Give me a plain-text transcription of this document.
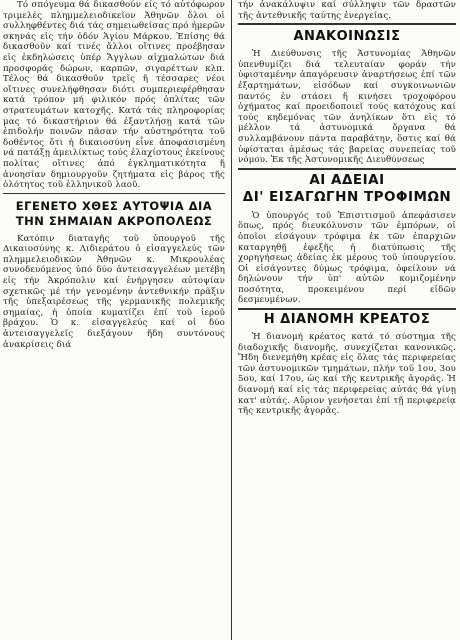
Τό σπόγευμα θά δικασθούν είς τό αὐτόφωρον τριμελές πλημμελειοδικεῖον Ἀθηνῶν ὅλοι οἱ συλληφθέντες διά τάς σημειωθείσας πρό ἡμερῶν σκηνάς εἰς τήν ὁδόν Ἁγίου Μάρκου. Ἐπίσης θά δικασθοῦν καί τινές ἄλλοι οἵτινες προέβησαν εἰς ἐκδηλώσεις ὑπέρ Ἄγγλων αἰχμαλώτων διά προσφοράς δώρων, καρπῶν, σιγαρέττων κλπ. Τέλος θά δικασθοῦν τρεῖς ἤ τέσσαρες νέοι οἵτινες συνελήφθησαν διότι συμπεριεφέρθησαν κατά τρόπον μή φιλικόν πρός ὁπλίτας τῶν στρατευμάτων κατοχῆς. Κατά τάς πληροφορίας μας τό δικαστήριον θά ἐξαντλήσῃ κατά τῶν ἐπιδολήν ποινῶν πᾶσαν τήν αὐστηρότητα τοῦ δοθέντος ὅτι ἡ δικαιοσύνη εἶνε ἀποφασισμένη νά πατάξῃ ἀμειλίκτως τούς ἐλαχίστους ἐκείνους πολίτας οἵτινες ἀπό ἐγκληματικότητα ἤ ἀνοησίαν δημιουργοῦν ζητήματα εἰς βάρος τῆς ὁλότητος τοῦ ἑλληνικοῦ λαοῦ.

ΕΓΕΝΕΤΟ ΧΘΕΣ ΑΥΤΟΨΙΑ ΔΙΑ ΤΗΝ ΣΗΜΑΙΑΝ ΑΚΡΟΠΟΛΕΩΣ

Κατόπιν διαταγῆς τοῦ ὑπουργοῦ τῆς Δικαιοσύνης κ. Λιδιεράτου ὁ εἰσαγγελεύς τῶν πλημμελειοδικῶν Ἀθηνῶν κ. Μικρουλέας συνοδευόμενος ὑπό δύο ἀντεισαγγελέων μετέβη εἰς τήν Ἀκρόπολιν καί ἐνήργησεν αὐτοψίαν σχετικῶς μέ τήν γενομένην ἀντεθνικήν πρᾶξιν τῆς ὑπεξαιρέσεως τῆς γερμανικῆς πολεμικῆς σημαίας, ἡ ὁποία κυματίζει ἐπί τοῦ ἱεροῦ βράχου. Ὁ κ. εἰσαγγελεύς καί οἱ δύο ἀντεισαγγελεῖς διεξάγουν ἤδη συντόνους ἀνακρίσεις διά

τήν ἀνακάλυψιν καί σύλληψιν τῶν δραστῶν τῆς ἀντεθνικῆς ταύτης ἐνεργείας.

ΑΝΑΚΟΙΝΩΣΙΣ

Ἡ Διεύθυνσις τῆς Ἀστυνομίας Ἀθηνῶν ὑπενθυμίζει διά τελευταίαν φοράν τήν ὑφισταμένην ἀπαγόρευσιν ἀναρτήσεως ἐπί τῶν ἐξαρτημάτων, εἰσόδων καί συγκοινωνιῶν παντός ἐν στάσει ἤ κινήσει τροχοφόρου ὀχήματος καί προειδοποιεῖ τούς κατόχους καί τούς κηδεμόνας τῶν ἀνηλίκων ὅτι εἰς τό μέλλον τά ἀστυνομικά ὄργανα θά συλλαμβάνουν πάντα παραβάτην, ὅστις καί θά ὑφίσταται ἀμέσως τάς βαρείας συνεπείας τοῦ νόμου. Ἐκ τῆς Ἀστυνομικῆς Διευθύνσεως

ΑΙ ΑΔΕΙΑΙ
ΔΙ' ΕΙΣΑΓΩΓΗΝ ΤΡΟΦΙΜΩΝ

Ὁ ὑπουργός τοῦ Ἐπισιτισμοῦ ἀπεφάσισεν ὅπως, πρός διευκόλυνσιν τῶν ἐμπόρων, οἱ ὁποῖοι εἰσάγουν τρόφιμα ἐκ τῶν ἐπαρχιῶν καταργηθῇ ἐφεξῆς ἡ διατύπωσις τῆς χορηγήσεως ἀδείας ἐκ μέρους τοῦ ὑπουργείου. Οἱ εἰσάγοντες δύμως τρόφιμα, ὀφείλουν νά δηλώνουν τήν ὑπ' αὐτῶν κομιζομένην ποσότητα, προκειμένου περί εἰδῶν δεσμευμένων.

Η ΔΙΑΝΟΜΗ ΚΡΕΑΤΟΣ

Ἡ διανομή κρέατος κατά τό σύστημα τῆς διαδοχικῆς διανομῆς, συνεχίζεται κανονικῶς. Ἤδη διενεμήθη κρέας εἰς ὅλας τάς περιφερείας τῶν ἀστυνομικῶν τμημάτων, πλήν τοῦ 1ου, 3ου 5ου, καί 17ου, ὡς καί τῆς κεντρικῆς ἀγορᾶς. Ἡ διανομή καί εἰς τάς περιφερείας αὐτάς θά γίνῃ κατ' αὐτάς. Αὔριον γενήσεται ἐπί τῇ περιφερείᾳ τῆς κεντρικῆς ἀγορᾶς.
